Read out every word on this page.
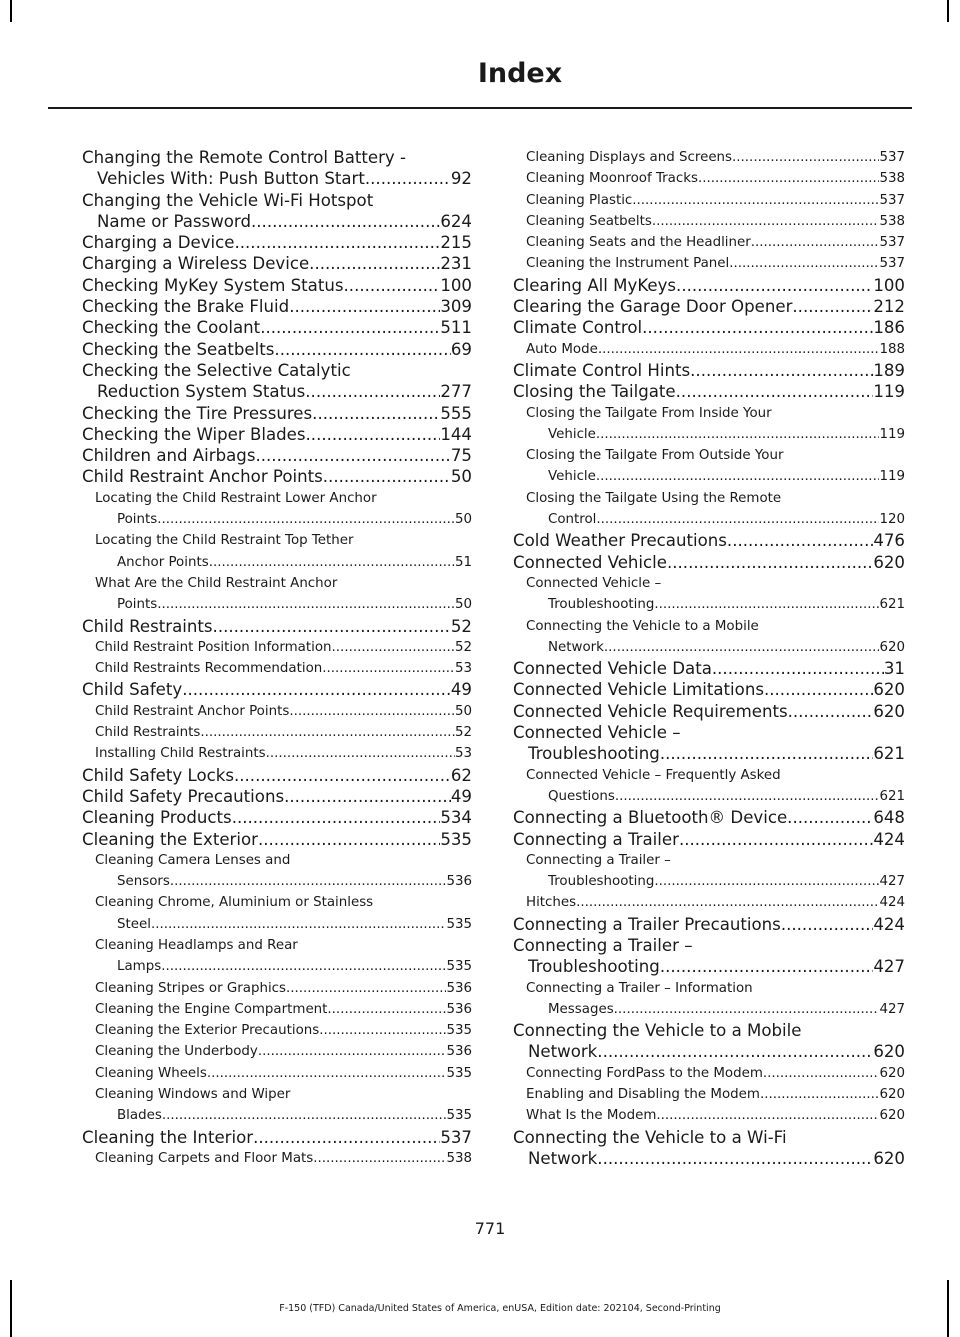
Index
Changing the Remote Control Battery -
Vehicles With: Push Button Start .....	92
Changing the Vehicle Wi-Fi Hotspot
Name or Password .....	624
Charging a Device .....	215
Charging a Wireless Device .....	231
Checking MyKey System Status .....	100
Checking the Brake Fluid .....	309
Checking the Coolant .....	511
Checking the Seatbelts .....	69
Checking the Selective Catalytic
Reduction System Status .....	277
Checking the Tire Pressures .....	555
Checking the Wiper Blades .....	144
Children and Airbags .....	75
Child Restraint Anchor Points .....	50
Locating the Child Restraint Lower Anchor
Points .....	50
Locating the Child Restraint Top Tether
Anchor Points .....	51
What Are the Child Restraint Anchor
Points .....	50
Child Restraints .....	52
Child Restraint Position Information .....	52
Child Restraints Recommendation .....	53
Child Safety .....	49
Child Restraint Anchor Points .....	50
Child Restraints .....	52
Installing Child Restraints .....	53
Child Safety Locks .....	62
Child Safety Precautions .....	49
Cleaning Products .....	534
Cleaning the Exterior .....	535
Cleaning Camera Lenses and
Sensors .....	536
Cleaning Chrome, Aluminium or Stainless
Steel .....	535
Cleaning Headlamps and Rear
Lamps .....	535
Cleaning Stripes or Graphics .....	536
Cleaning the Engine Compartment .....	536
Cleaning the Exterior Precautions .....	535
Cleaning the Underbody .....	536
Cleaning Wheels .....	535
Cleaning Windows and Wiper
Blades .....	535
Cleaning the Interior .....	537
Cleaning Carpets and Floor Mats .....	538
Cleaning Displays and Screens .....	537
Cleaning Moonroof Tracks .....	538
Cleaning Plastic .....	537
Cleaning Seatbelts .....	538
Cleaning Seats and the Headliner .....	537
Cleaning the Instrument Panel .....	537
Clearing All MyKeys .....	100
Clearing the Garage Door Opener .....	212
Climate Control .....	186
Auto Mode .....	188
Climate Control Hints .....	189
Closing the Tailgate .....	119
Closing the Tailgate From Inside Your
Vehicle .....	119
Closing the Tailgate From Outside Your
Vehicle .....	119
Closing the Tailgate Using the Remote
Control .....	120
Cold Weather Precautions .....	476
Connected Vehicle .....	620
Connected Vehicle –
Troubleshooting .....	621
Connecting the Vehicle to a Mobile
Network .....	620
Connected Vehicle Data .....	31
Connected Vehicle Limitations .....	620
Connected Vehicle Requirements .....	620
Connected Vehicle –
Troubleshooting .....	621
Connected Vehicle – Frequently Asked
Questions .....	621
Connecting a Bluetooth® Device .....	648
Connecting a Trailer .....	424
Connecting a Trailer –
Troubleshooting .....	427
Hitches .....	424
Connecting a Trailer Precautions .....	424
Connecting a Trailer –
Troubleshooting .....	427
Connecting a Trailer – Information
Messages .....	427
Connecting the Vehicle to a Mobile
Network .....	620
Connecting FordPass to the Modem .....	620
Enabling and Disabling the Modem .....	620
What Is the Modem .....	620
Connecting the Vehicle to a Wi-Fi
Network .....	620
771
F-150 (TFD) Canada/United States of America, enUSA, Edition date: 202104, Second-Printing
